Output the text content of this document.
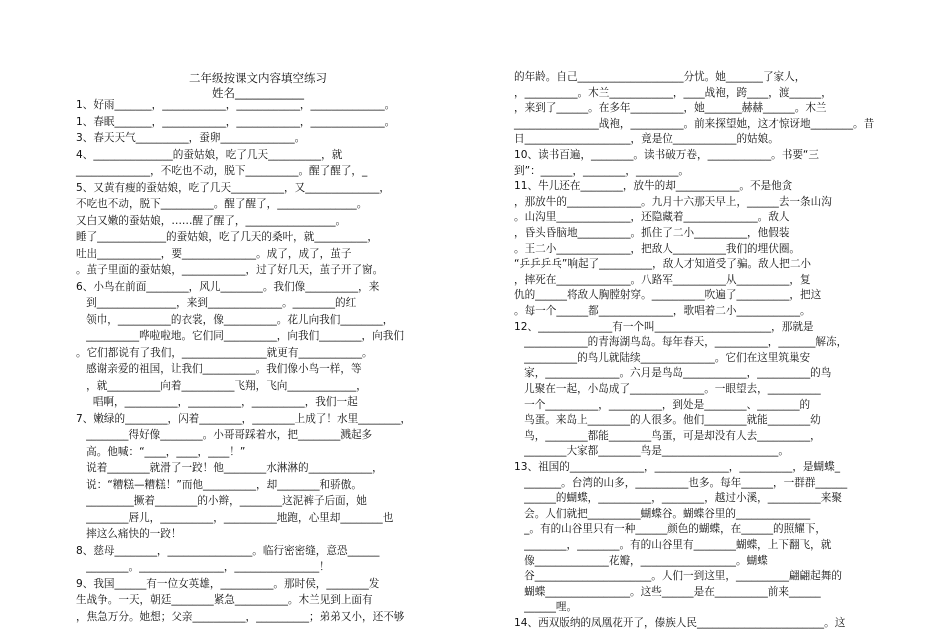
二年级按课文内容填空练习
姓名____________
1、好雨_______，____________，____________，______________。
1、春眠_______，____________，____________，______________。
3、春天天气__________，蚕卵______________。
4、_______________的蚕姑娘，吃了几天__________，就
______________，不吃也不动，脱下__________。醒了醒了，_
5、又黄有瘦的蚕姑娘，吃了几天__________，又______________，
不吃也不动，脱下__________。醒了醒了，_______________。
又白又嫩的蚕姑娘，……醒了醒了，_________________。
睡了_____________的蚕姑娘，吃了几天的桑叶，就__________，
吐出____________，要______________。成了，成了，茧子
。茧子里面的蚕姑娘，____________，过了好几天，茧子开了窗。
6、小鸟在前面________，风儿________。我们像__________，来
到_______________，来到______________。________的红
领巾，__________的衣裳，像__________。花儿向我们________，
__________哗啦啦地。它们同__________，向我们________，向我们
。它们都说有了我们，________________就更有____________。
感谢亲爱的祖国，让我们__________。我们像小鸟一样，等
，就__________向着__________飞翔，飞向_____________，
唱啊，__________，__________，__________，我们一起
7、嫩绿的________，闪着________，________上成了！水里________，
________得好像________。小哥哥踩着水，把________溅起多
高。他喊：“____，____，____！”
说着________就滑了一跤！他________水淋淋的____________，
说：“糟糕—糟糕！”而他__________，却________和骄傲。
_________撅着________的小辫，________这泥裤子后面，她
________唇儿，__________，__________地跑，心里却________也
摔这么痛快的一跤！
8、慈母________，________________。临行密密缝，意恐______
________。________________，________________！
9、我国______有一位女英雄，__________。那时侯，________发
生战争。一天，朝廷________紧急__________。木兰见到上面有
，焦急万分。她想；父亲__________，__________；弟弟又小，还不够
的年龄。自己____________________分忧。她_______了家人，
，__________。木兰____________，____战袍，跨____，渡______，
，来到了______。在多年__________，她_______赫赫______。木兰
________________战袍，__________。前来探望她，这才惊讶地________。昔
日____________________，竟是位____________的姑娘。
10、读书百遍，________。读书破万卷，____________。书要“三
到”：______，________，________。
11、牛儿还在________，放牛的却____________。不是他贪
，那放牛的______________。九月十六那天早上，______去一条山沟
。山沟里______________，还隐藏着______________。敌人
，昏头昏脑地__________。抓住了二小__________，他假装
。王二小______________，把敌人__________我们的埋伏圈。
“乒乒乒乓”响起了__________，敌人才知道受了骗。敌人把二小
，摔死在______________。八路军__________从__________，复
仇的______将敌人胸膛射穿。__________吹遍了__________，把这
。每一个______都______________，歌唱着二小____________。
12、______________有一个叫______________________，那就是
____________的青海湖鸟岛。每年春天，__________，_______解冻，
__________的鸟儿就陆续______________。它们在这里筑巢安
家，______________。六月是鸟岛____________，__________的鸟
儿聚在一起，小岛成了______________。一眼望去，__________
一个__________，__________，到处是________、________的
鸟蛋。来岛上________的人很多。他们________就能________幼
鸟，________都能________鸟蛋，可是却没有人去__________，
________大家都________鸟是______________________。
13、祖国的______________，______________，__________，是蝴蝶_
_______。台湾的山多，__________也多。每年______，一群群______
______的蝴蝶，__________，________，越过小溪，__________来聚
会。人们就把__________蝴蝶谷。蝴蝶谷里的______________
_。有的山谷里只有一种______颜色的蝴蝶，在______的照耀下，
________，________。有的山谷里有________蝴蝶，上下翻飞，就
像______________花瓣，__________________。蝴蝶
谷______________________。人们一到这里，__________翩翩起舞的
蝴蝶________________。这些______是在__________前来______
______哩。
14、西双版纳的凤凰花开了，傣族人民________________________。这
